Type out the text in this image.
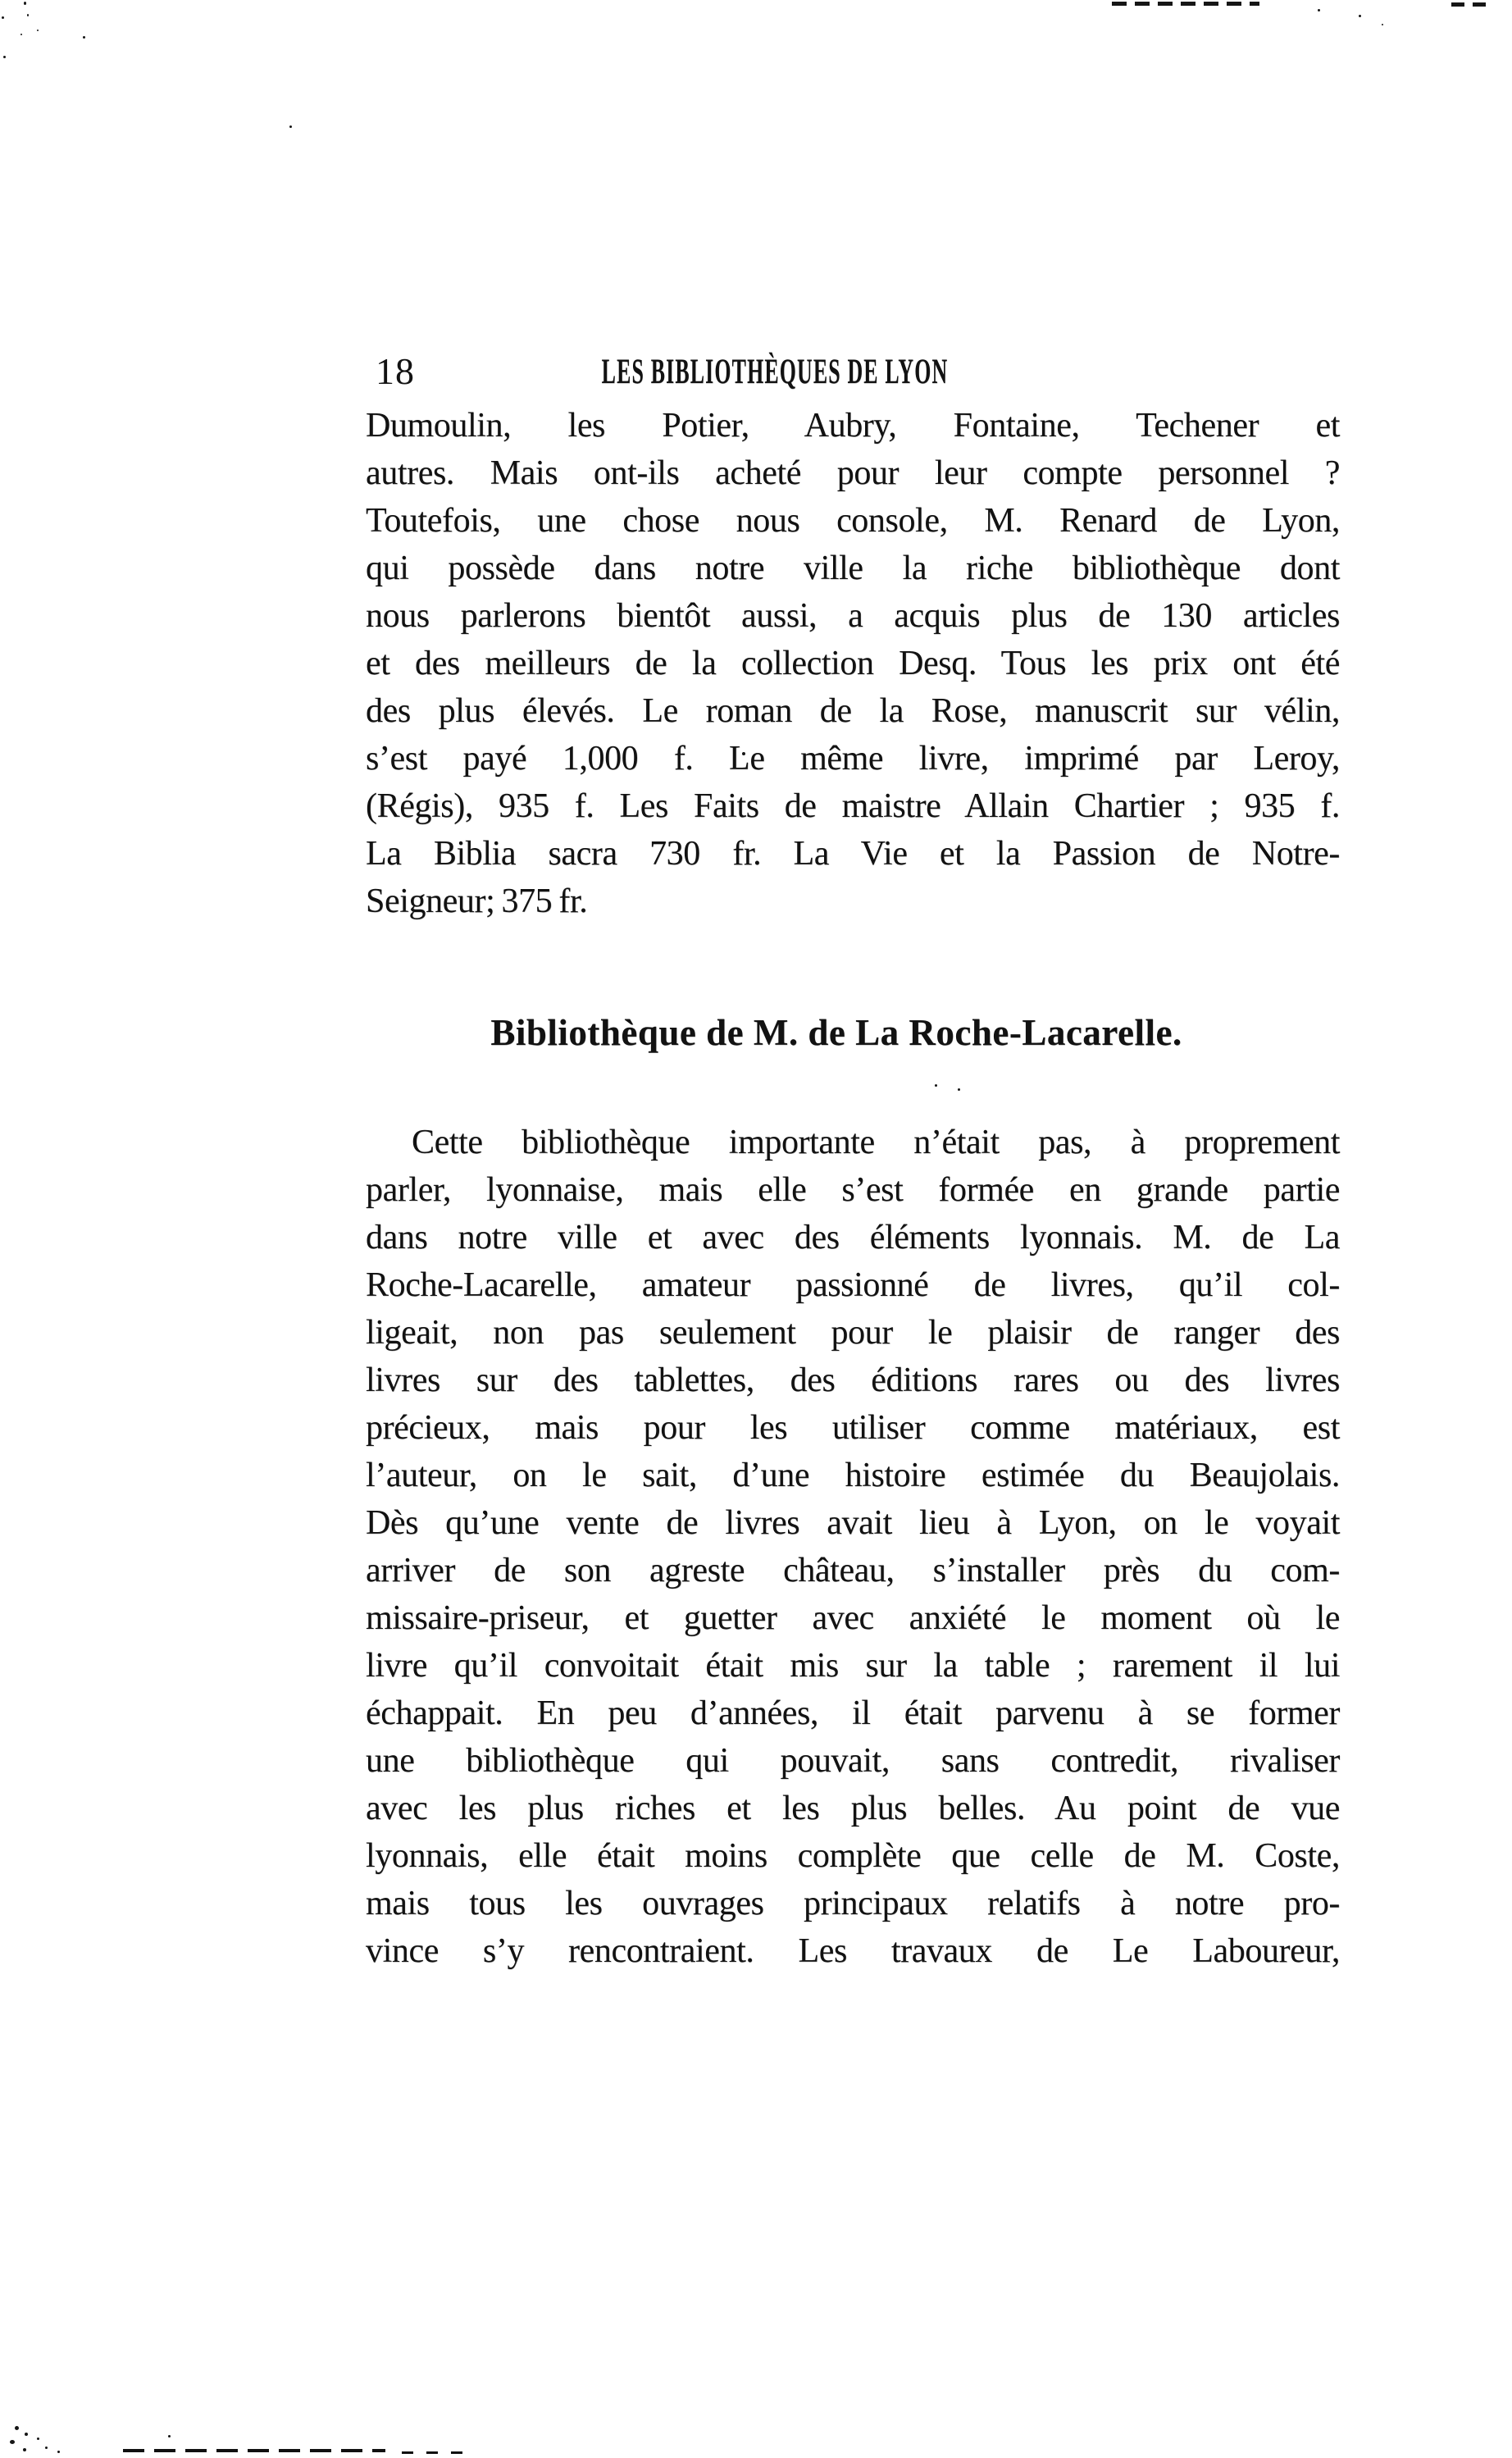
18	LES BIBLIOTHÈQUES DE LYON
Dumoulin, les Potier, Aubry, Fontaine, Techener et
autres. Mais ont-ils acheté pour leur compte personnel ?
Toutefois, une chose nous console, M. Renard de Lyon,
qui possède dans notre ville la riche bibliothèque dont
nous parlerons bientôt aussi, a acquis plus de 130 articles
et des meilleurs de la collection Desq. Tous les prix ont été
des plus élevés. Le roman de la Rose, manuscrit sur vélin,
s’est payé 1,000 f. Le même livre, imprimé par Leroy,
(Régis), 935 f. Les Faits de maistre Allain Chartier ; 935 f.
La Biblia sacra 730 fr. La Vie et la Passion de Notre-
Seigneur; 375 fr.
Bibliothèque de M. de La Roche-Lacarelle.
Cette bibliothèque importante n’était pas, à proprement
parler, lyonnaise, mais elle s’est formée en grande partie
dans notre ville et avec des éléments lyonnais. M. de La
Roche-Lacarelle, amateur passionné de livres, qu’il col-
ligeait, non pas seulement pour le plaisir de ranger des
livres sur des tablettes, des éditions rares ou des livres
précieux, mais pour les utiliser comme matériaux, est
l’auteur, on le sait, d’une histoire estimée du Beaujolais.
Dès qu’une vente de livres avait lieu à Lyon, on le voyait
arriver de son agreste château, s’installer près du com-
missaire-priseur, et guetter avec anxiété le moment où le
livre qu’il convoitait était mis sur la table ; rarement il lui
échappait. En peu d’années, il était parvenu à se former
une bibliothèque qui pouvait, sans contredit, rivaliser
avec les plus riches et les plus belles. Au point de vue
lyonnais, elle était moins complète que celle de M. Coste,
mais tous les ouvrages principaux relatifs à notre pro-
vince s’y rencontraient. Les travaux de Le Laboureur,
